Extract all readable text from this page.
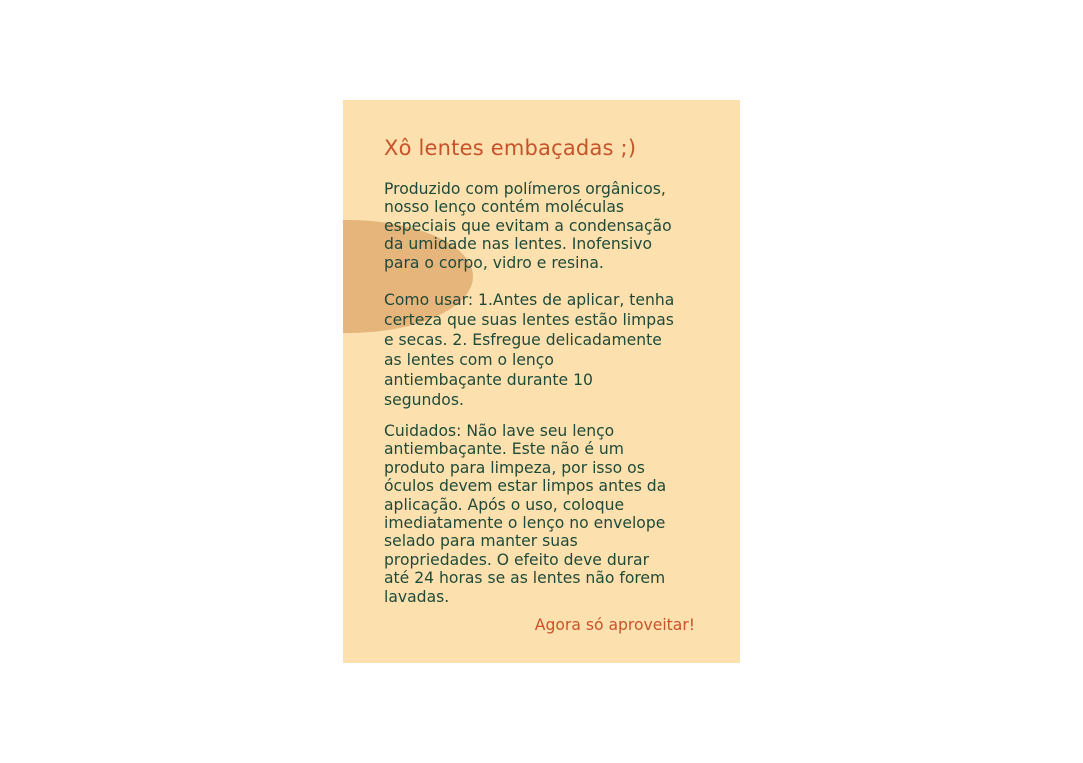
Xô lentes embaçadas ;)
Produzido com polímeros orgânicos,
nosso lenço contém moléculas
especiais que evitam a condensação
da umidade nas lentes. Inofensivo
para o corpo, vidro e resina.
Como usar: 1.Antes de aplicar, tenha
certeza que suas lentes estão limpas
e secas. 2. Esfregue delicadamente
as lentes com o lenço
antiembaçante durante 10
segundos.
Cuidados: Não lave seu lenço
antiembaçante. Este não é um
produto para limpeza, por isso os
óculos devem estar limpos antes da
aplicação. Após o uso, coloque
imediatamente o lenço no envelope
selado para manter suas
propriedades. O efeito deve durar
até 24 horas se as lentes não forem
lavadas.
Agora só aproveitar!
